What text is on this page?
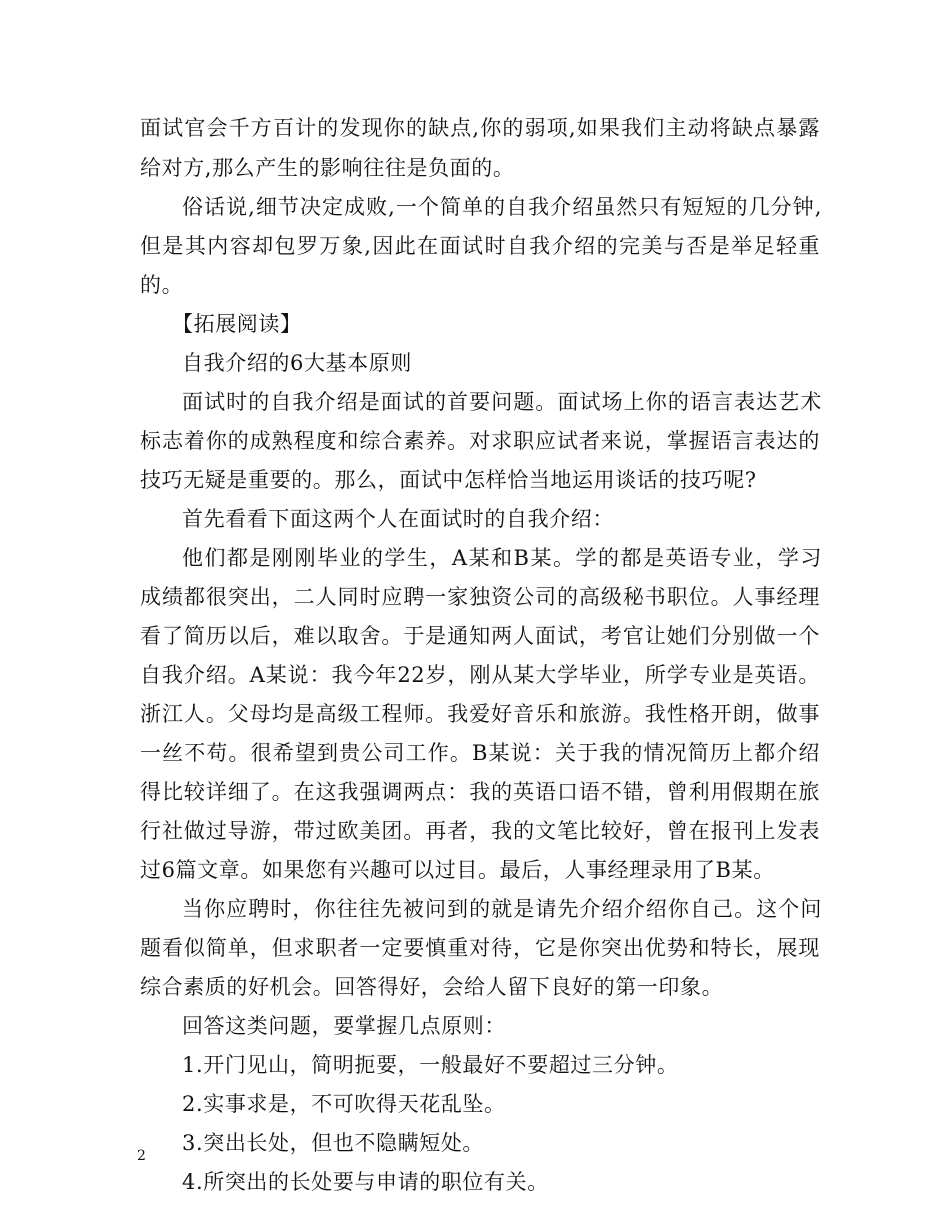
面试官会千方百计的发现你的缺点,你的弱项,如果我们主动将缺点暴露
给对方,那么产生的影响往往是负面的。
俗话说,细节决定成败,一个简单的自我介绍虽然只有短短的几分钟,
但是其内容却包罗万象,因此在面试时自我介绍的完美与否是举足轻重
的。
【拓展阅读】
自我介绍的6大基本原则
面试时的自我介绍是面试的首要问题。面试场上你的语言表达艺术
标志着你的成熟程度和综合素养。对求职应试者来说，掌握语言表达的
技巧无疑是重要的。那么，面试中怎样恰当地运用谈话的技巧呢?
首先看看下面这两个人在面试时的自我介绍：
他们都是刚刚毕业的学生，A某和B某。学的都是英语专业，学习
成绩都很突出，二人同时应聘一家独资公司的高级秘书职位。人事经理
看了简历以后，难以取舍。于是通知两人面试，考官让她们分别做一个
自我介绍。A某说：我今年22岁，刚从某大学毕业，所学专业是英语。
浙江人。父母均是高级工程师。我爱好音乐和旅游。我性格开朗，做事
一丝不苟。很希望到贵公司工作。B某说：关于我的情况简历上都介绍
得比较详细了。在这我强调两点：我的英语口语不错，曾利用假期在旅
行社做过导游，带过欧美团。再者，我的文笔比较好，曾在报刊上发表
过6篇文章。如果您有兴趣可以过目。最后，人事经理录用了B某。
当你应聘时，你往往先被问到的就是请先介绍介绍你自己。这个问
题看似简单，但求职者一定要慎重对待，它是你突出优势和特长，展现
综合素质的好机会。回答得好，会给人留下良好的第一印象。
回答这类问题，要掌握几点原则：
1.开门见山，简明扼要，一般最好不要超过三分钟。
2.实事求是，不可吹得天花乱坠。
3.突出长处，但也不隐瞒短处。
4.所突出的长处要与申请的职位有关。
2
